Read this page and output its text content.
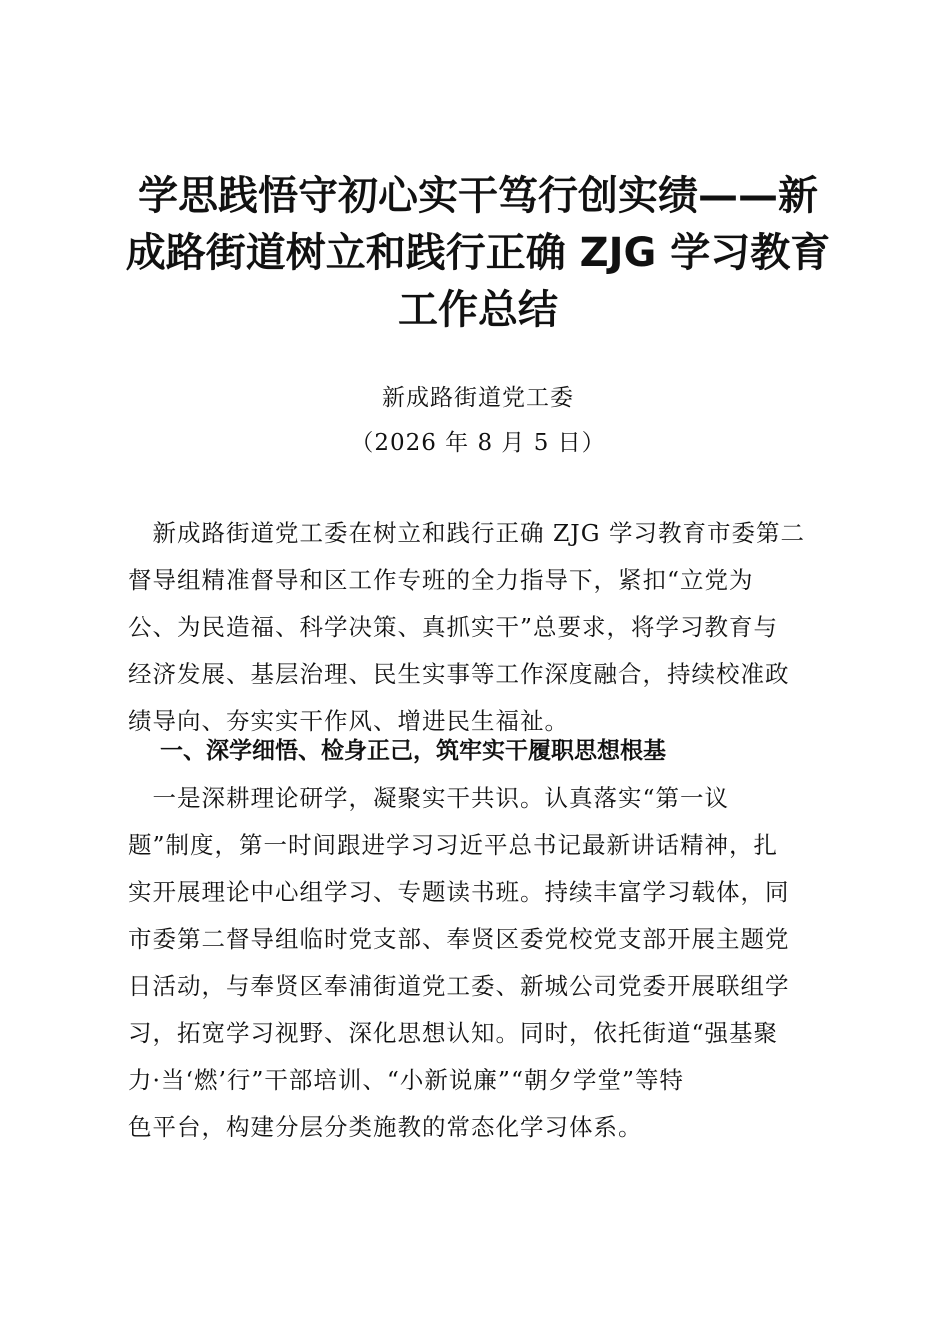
学思践悟守初心实干笃行创实绩——新
成路街道树立和践行正确 ZJG 学习教育
工作总结
新成路街道党工委
（2026 年 8 月 5 日）

　新成路街道党工委在树立和践行正确 ZJG 学习教育市委第二
督导组精准督导和区工作专班的全力指导下，紧扣“立党为
公、为民造福、科学决策、真抓实干”总要求，将学习教育与
经济发展、基层治理、民生实事等工作深度融合，持续校准政
绩导向、夯实实干作风、增进民生福祉。

一、深学细悟、检身正己，筑牢实干履职思想根基

　一是深耕理论研学，凝聚实干共识。认真落实“第一议
题”制度，第一时间跟进学习习近平总书记最新讲话精神，扎
实开展理论中心组学习、专题读书班。持续丰富学习载体，同
市委第二督导组临时党支部、奉贤区委党校党支部开展主题党
日活动，与奉贤区奉浦街道党工委、新城公司党委开展联组学
习，拓宽学习视野、深化思想认知。同时，依托街道“强基聚
力·当‘燃’行”干部培训、“小新说廉”“朝夕学堂”等特
色平台，构建分层分类施教的常态化学习体系。
